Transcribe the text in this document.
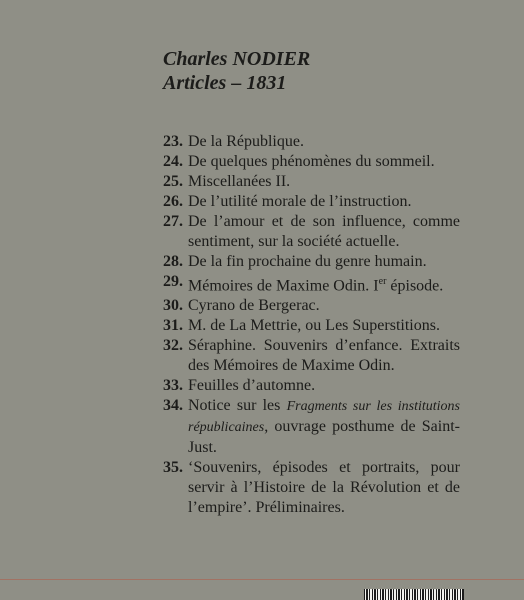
Charles NODIER
Articles – 1831
23. De la République.
24. De quelques phénomènes du sommeil.
25. Miscellanées II.
26. De l’utilité morale de l’instruction.
27. De l’amour et de son influence, comme sentiment, sur la société actuelle.
28. De la fin prochaine du genre humain.
29. Mémoires de Maxime Odin. Ier épisode.
30. Cyrano de Bergerac.
31. M. de La Mettrie, ou Les Superstitions.
32. Séraphine. Souvenirs d’enfance. Extraits des Mémoires de Maxime Odin.
33. Feuilles d’automne.
34. Notice sur les Fragments sur les institutions républicaines, ouvrage posthume de Saint-Just.
35. ‘Souvenirs, épisodes et portraits, pour servir à l’Histoire de la Révolution et de l’empire’. Préliminaires.
